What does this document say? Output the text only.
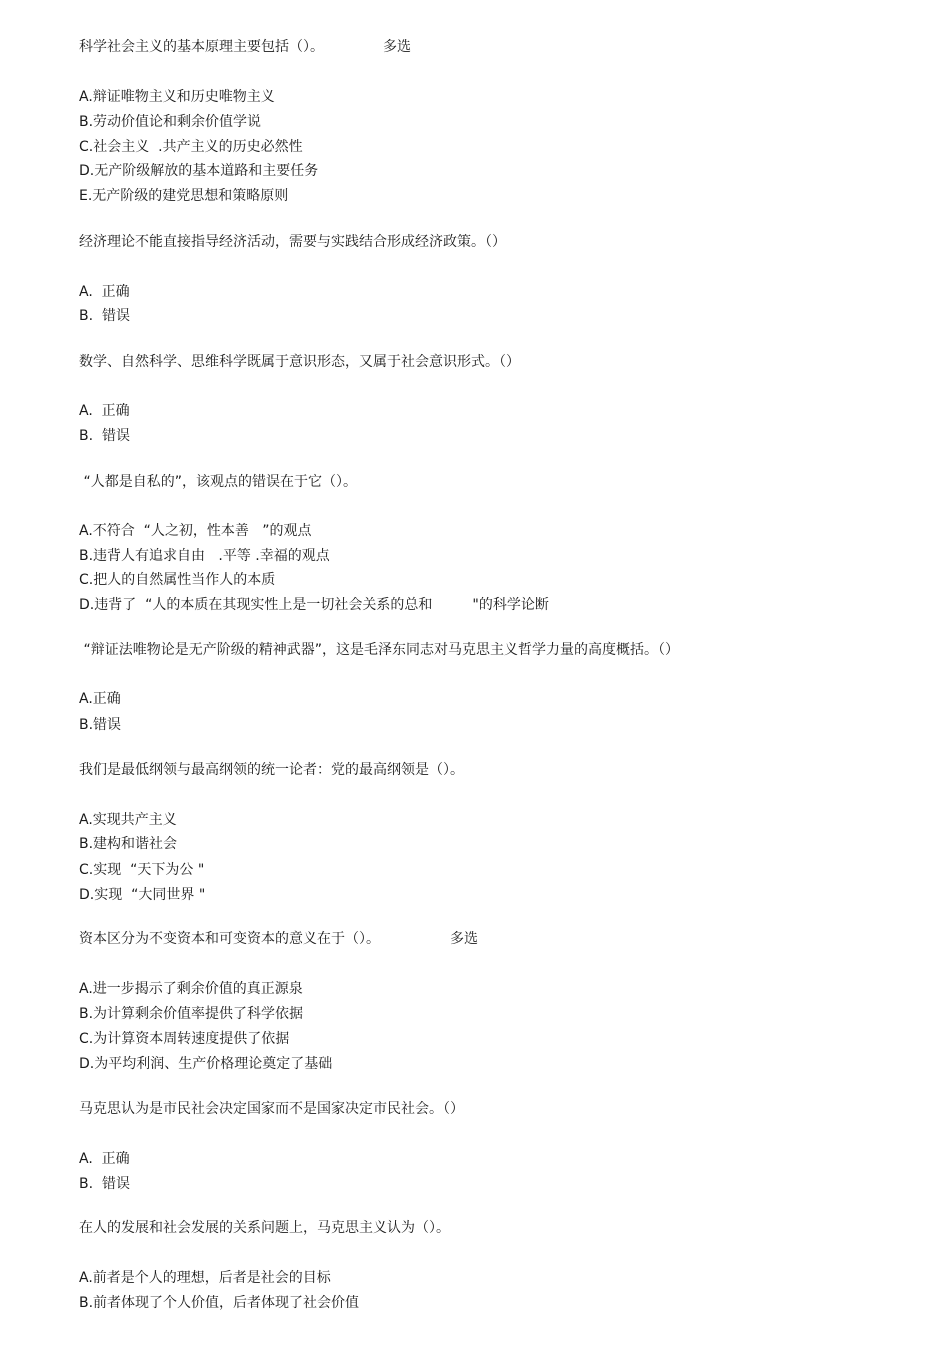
科学社会主义的基本原理主要包括（）。	多选
A.辩证唯物主义和历史唯物主义
B.劳动价值论和剩余价值学说
C.社会主义  .共产主义的历史必然性
D.无产阶级解放的基本道路和主要任务
E.无产阶级的建党思想和策略原则
经济理论不能直接指导经济活动，需要与实践结合形成经济政策。（）
A.  正确
B.  错误
数学、自然科学、思维科学既属于意识形态，又属于社会意识形式。（）
A.  正确
B.  错误
“人都是自私的”，该观点的错误在于它（）。
A.不符合  “人之初，性本善   ”的观点
B.违背人有追求自由   .平等 .幸福的观点
C.把人的自然属性当作人的本质
D.违背了  “人的本质在其现实性上是一切社会关系的总和         "的科学论断
“辩证法唯物论是无产阶级的精神武器”，这是毛泽东同志对马克思主义哲学力量的高度概括。（）
A.正确
B.错误
我们是最低纲领与最高纲领的统一论者：党的最高纲领是（）。
A.实现共产主义
B.建构和谐社会
C.实现  “天下为公 "
D.实现  “大同世界 "
资本区分为不变资本和可变资本的意义在于（）。	多选
A.进一步揭示了剩余价值的真正源泉
B.为计算剩余价值率提供了科学依据
C.为计算资本周转速度提供了依据
D.为平均利润、生产价格理论奠定了基础
马克思认为是市民社会决定国家而不是国家决定市民社会。（）
A.  正确
B.  错误
在人的发展和社会发展的关系问题上，马克思主义认为（）。
A.前者是个人的理想，后者是社会的目标
B.前者体现了个人价值，后者体现了社会价值
